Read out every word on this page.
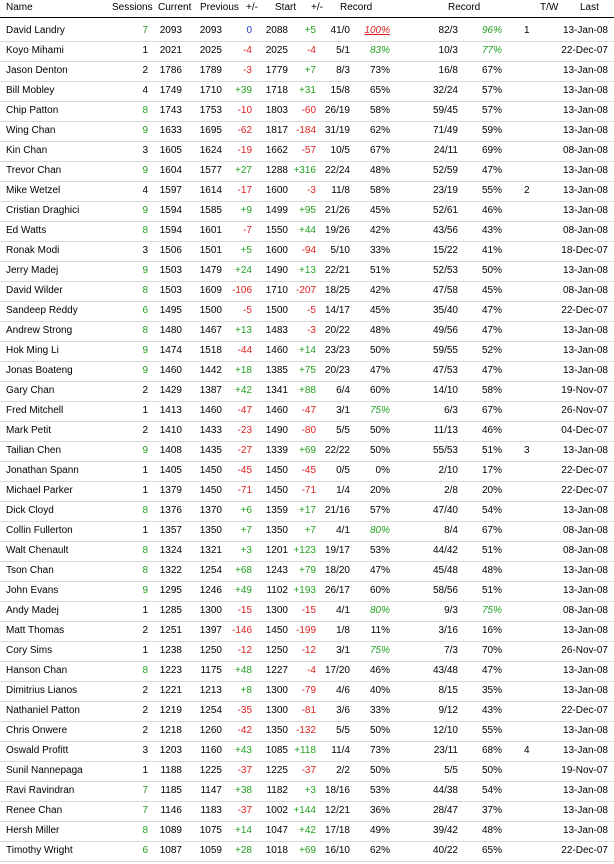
Name	Sessions Current Previous +/- Start +/- Record	Record	T/W Last
David Landry	7	2093	2093	0	2088	+5	41/0	100%	82/3	96% 1	13-Jan-08
Koyo Mihami	1	2021	2025	-4	2025	-4	5/1	83%	10/3	77%	22-Dec-07
Jason Denton	2	1786	1789	-3	1779	+7	8/3	73%	16/8	67%	13-Jan-08
Bill Mobley	4	1749	1710	+39	1718	+31	15/8	65%	32/24	57%	13-Jan-08
Chip Patton	8	1743	1753	-10	1803	-60 26/19	58%	59/45	57%	13-Jan-08
Wing Chan	9	1633	1695	-62	1817 -184 31/19	62%	71/49	59%	13-Jan-08
Kin Chan	3	1605	1624	-19	1662	-57	10/5	67%	24/11	69%	08-Jan-08
Trevor Chan	9	1604	1577	+27	1288 +316 22/24	48%	52/59	47%	13-Jan-08
Mike Wetzel	4	1597	1614	-17	1600	-3	11/8	58%	23/19	55% 2	13-Jan-08
Cristian Draghici	9	1594	1585	+9	1499	+95 21/26	45%	52/61	46%	13-Jan-08
Ed Watts	8	1594	1601	-7	1550	+44 19/26	42%	43/56	43%	08-Jan-08
Ronak Modi	3	1506	1501	+5	1600	-94	5/10	33%	15/22	41%	18-Dec-07
Jerry Madej	9	1503	1479	+24	1490	+13 22/21	51%	52/53	50%	13-Jan-08
David Wilder	8	1503	1609 -106	1710 -207 18/25	42%	47/58	45%	08-Jan-08
Sandeep Reddy	6	1495	1500	-5	1500	-5 14/17	45%	35/40	47%	22-Dec-07
Andrew Strong	8	1480	1467	+13	1483	-3 20/22	48%	49/56	47%	13-Jan-08
Hok Ming Li	9	1474	1518	-44	1460	+14 23/23	50%	59/55	52%	13-Jan-08
Jonas Boateng	9	1460	1442	+18	1385	+75 20/23	47%	47/53	47%	13-Jan-08
Gary Chan	2	1429	1387	+42	1341	+88	6/4	60%	14/10	58%	19-Nov-07
Fred Mitchell	1	1413	1460	-47	1460	-47	3/1	75%	6/3	67%	26-Nov-07
Mark Petit	2	1410	1433	-23	1490	-80	5/5	50%	11/13	46%	04-Dec-07
Tailian Chen	9	1408	1435	-27	1339	+69 22/22	50%	55/53	51% 3	13-Jan-08
Jonathan Spann	1	1405	1450	-45	1450	-45	0/5	0%	2/10	17%	22-Dec-07
Michael Parker	1	1379	1450	-71	1450	-71	1/4	20%	2/8	20%	22-Dec-07
Dick Cloyd	8	1376	1370	+6	1359	+17 21/16	57%	47/40	54%	13-Jan-08
Collin Fullerton	1	1357	1350	+7	1350	+7	4/1	80%	8/4	67%	08-Jan-08
Walt Chenault	8	1324	1321	+3	1201 +123 19/17	53%	44/42	51%	08-Jan-08
Tson Chan	8	1322	1254	+68	1243	+79 18/20	47%	45/48	48%	13-Jan-08
John Evans	9	1295	1246	+49	1102 +193 26/17	60%	58/56	51%	13-Jan-08
Andy Madej	1	1285	1300	-15	1300	-15	4/1	80%	9/3	75%	08-Jan-08
Matt Thomas	2	1251	1397 -146	1450 -199	1/8	11%	3/16	16%	13-Jan-08
Cory Sims	1	1238	1250	-12	1250	-12	3/1	75%	7/3	70%	26-Nov-07
Hanson Chan	8	1223	1175	+48	1227	-4 17/20	46%	43/48	47%	13-Jan-08
Dimitrius Lianos	2	1221	1213	+8	1300	-79	4/6	40%	8/15	35%	13-Jan-08
Nathaniel Patton	2	1219	1254	-35	1300	-81	3/6	33%	9/12	43%	22-Dec-07
Chris Onwere	2	1218	1260	-42	1350 -132	5/5	50%	12/10	55%	13-Jan-08
Oswald Profitt	3	1203	1160	+43	1085 +118	11/4	73%	23/11	68% 4	13-Jan-08
Sunil Nannepaga	1	1188	1225	-37	1225	-37	2/2	50%	5/5	50%	19-Nov-07
Ravi Ravindran	7	1185	1147	+38	1182	+3 18/16	53%	44/38	54%	13-Jan-08
Renee Chan	7	1146	1183	-37	1002 +144 12/21	36%	28/47	37%	13-Jan-08
Hersh Miller	8	1089	1075	+14	1047	+42 17/18	49%	39/42	48%	13-Jan-08
Timothy Wright	6	1087	1059	+28	1018	+69 16/10	62%	40/22	65%	22-Dec-07
